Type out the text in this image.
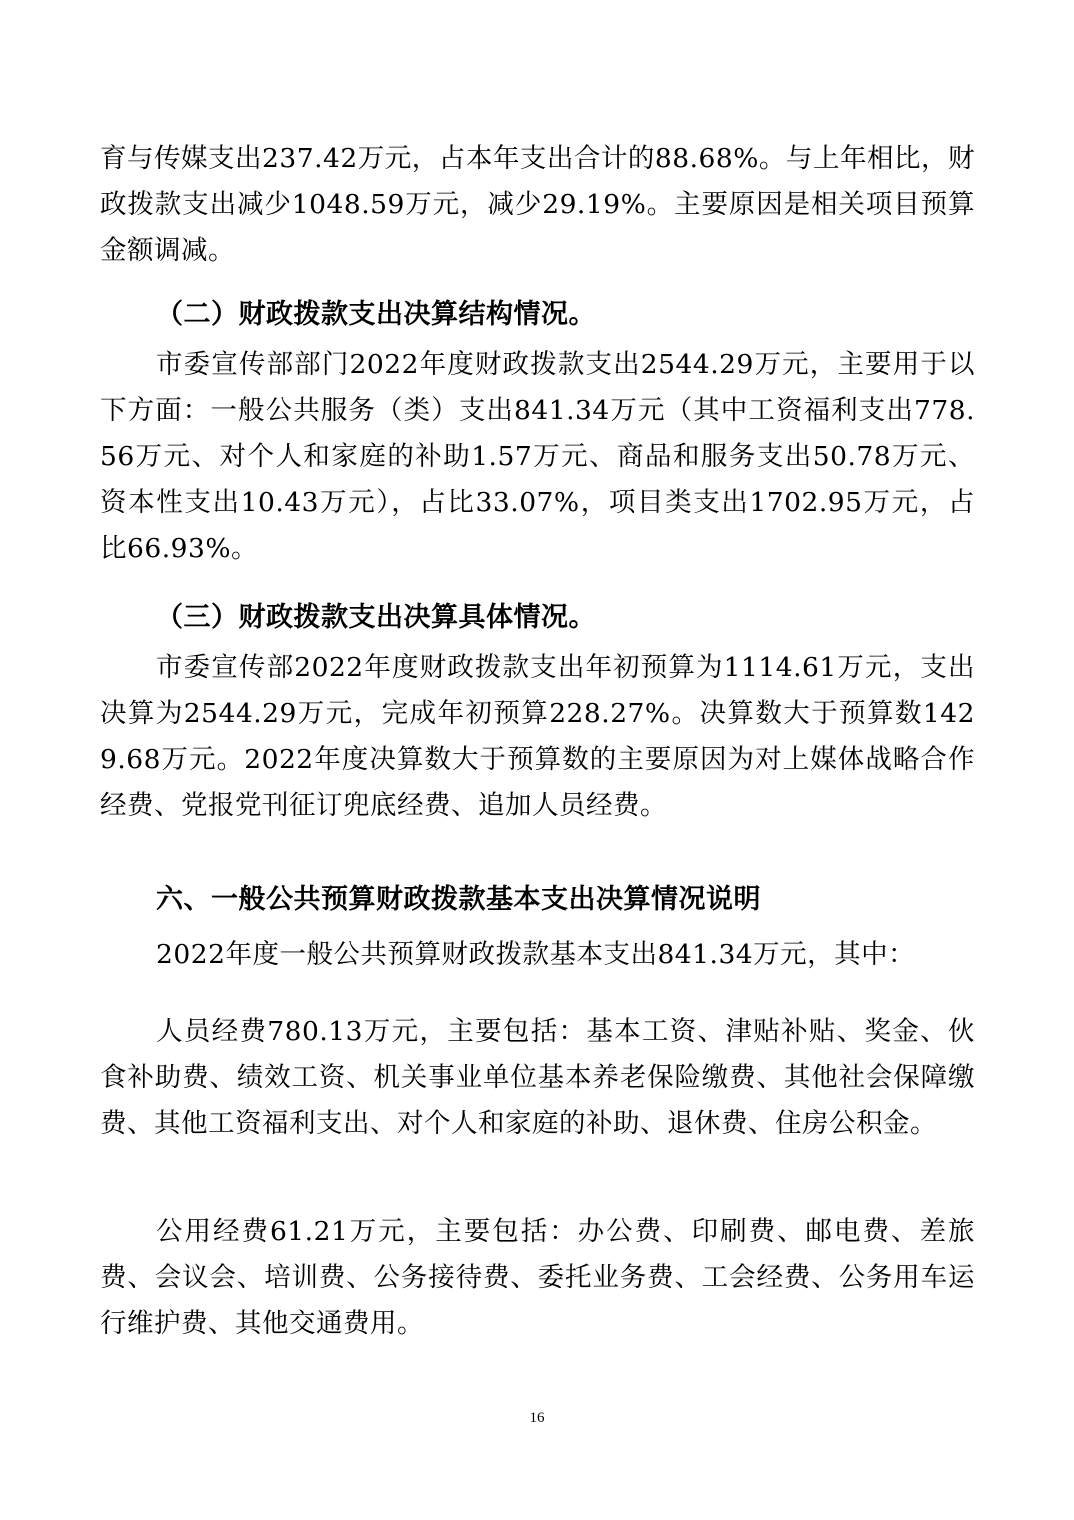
育与传媒支出237.42万元，占本年支出合计的88.68%。与上年相比，财政拨款支出减少1048.59万元，减少29.19%。主要原因是相关项目预算金额调减。

（二）财政拨款支出决算结构情况。

市委宣传部部门2022年度财政拨款支出2544.29万元，主要用于以下方面：一般公共服务（类）支出841.34万元（其中工资福利支出778.56万元、对个人和家庭的补助1.57万元、商品和服务支出50.78万元、资本性支出10.43万元），占比33.07%，项目类支出1702.95万元，占比66.93%。

（三）财政拨款支出决算具体情况。

市委宣传部2022年度财政拨款支出年初预算为1114.61万元，支出决算为2544.29万元，完成年初预算228.27%。决算数大于预算数1429.68万元。2022年度决算数大于预算数的主要原因为对上媒体战略合作经费、党报党刊征订兜底经费、追加人员经费。

六、一般公共预算财政拨款基本支出决算情况说明

2022年度一般公共预算财政拨款基本支出841.34万元，其中：

人员经费780.13万元，主要包括：基本工资、津贴补贴、奖金、伙食补助费、绩效工资、机关事业单位基本养老保险缴费、其他社会保障缴费、其他工资福利支出、对个人和家庭的补助、退休费、住房公积金。

公用经费61.21万元，主要包括：办公费、印刷费、邮电费、差旅费、会议会、培训费、公务接待费、委托业务费、工会经费、公务用车运行维护费、其他交通费用。

16
